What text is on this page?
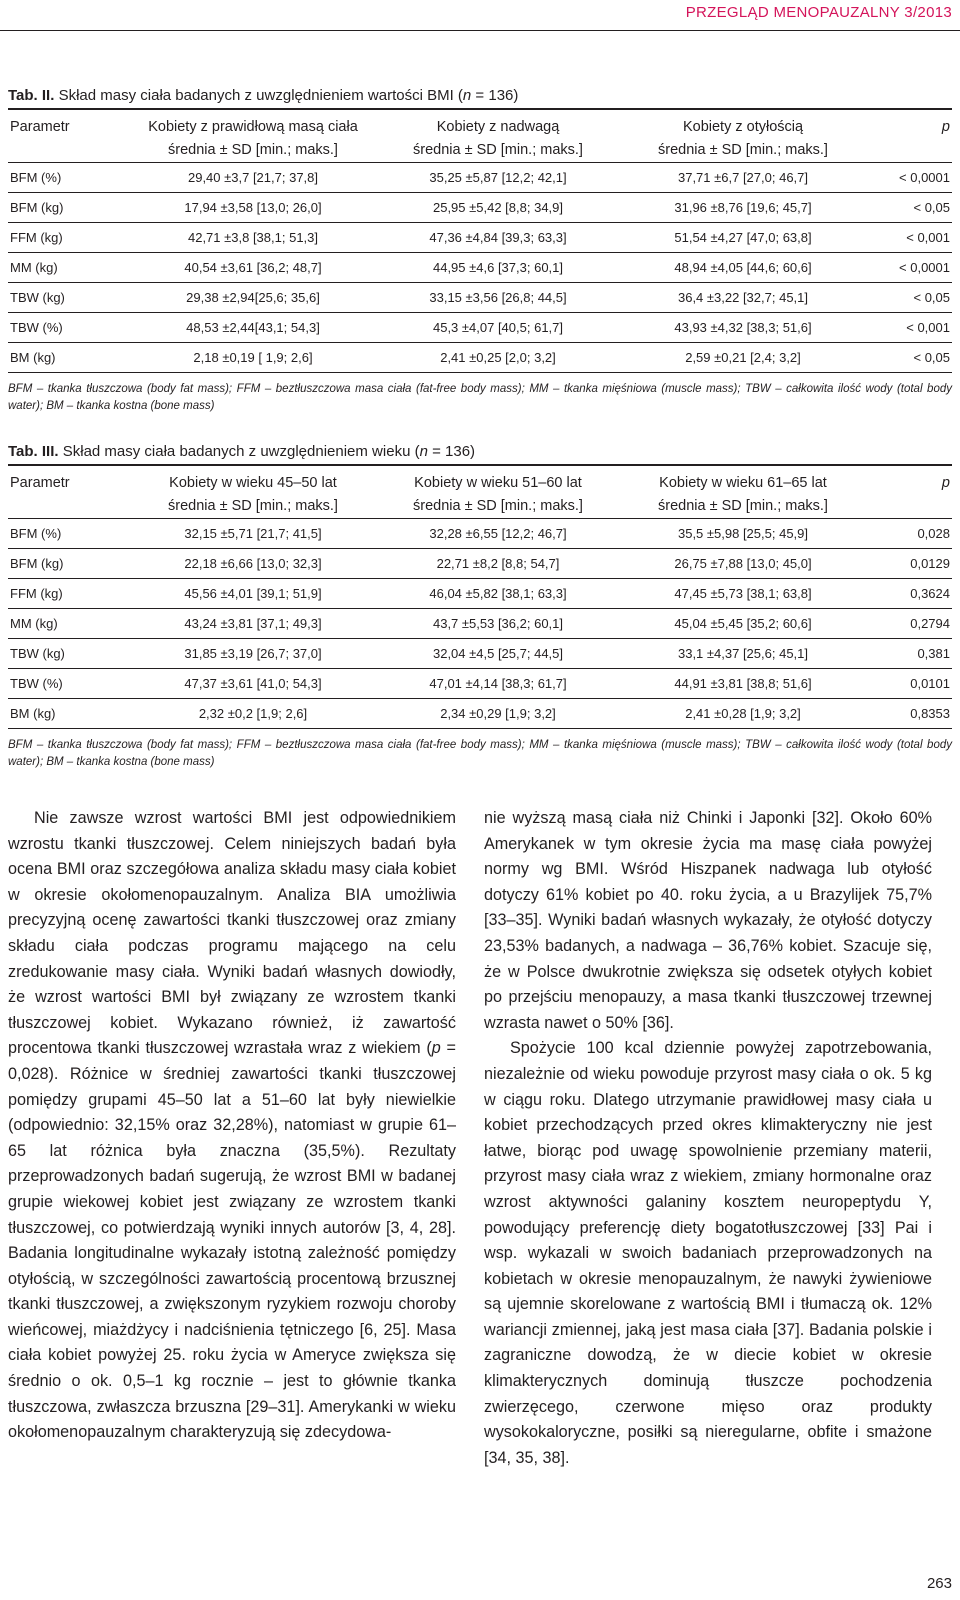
PRZEGLĄD MENOPAUZALNY 3/2013
Tab. II. Skład masy ciała badanych z uwzględnieniem wartości BMI (n = 136)
Parametr	Kobiety z prawidłową masą ciała	Kobiety z nadwagą	Kobiety z otyłością	p
	średnia ± SD [min.; maks.]	średnia ± SD [min.; maks.]	średnia ± SD [min.; maks.]	
BFM (%)	29,40 ±3,7 [21,7; 37,8]	35,25 ±5,87 [12,2; 42,1]	37,71 ±6,7 [27,0; 46,7]	< 0,0001
BFM (kg)	17,94 ±3,58 [13,0; 26,0]	25,95 ±5,42 [8,8; 34,9]	31,96 ±8,76 [19,6; 45,7]	< 0,05
FFM (kg)	42,71 ±3,8 [38,1; 51,3]	47,36 ±4,84 [39,3; 63,3]	51,54 ±4,27 [47,0; 63,8]	< 0,001
MM (kg)	40,54 ±3,61 [36,2; 48,7]	44,95 ±4,6 [37,3; 60,1]	48,94 ±4,05 [44,6; 60,6]	< 0,0001
TBW (kg)	29,38 ±2,94[25,6; 35,6]	33,15 ±3,56 [26,8; 44,5]	36,4 ±3,22 [32,7; 45,1]	< 0,05
TBW (%)	48,53 ±2,44[43,1; 54,3]	45,3 ±4,07 [40,5; 61,7]	43,93 ±4,32 [38,3; 51,6]	< 0,001
BM (kg)	2,18 ±0,19 [ 1,9; 2,6]	2,41 ±0,25 [2,0; 3,2]	2,59 ±0,21 [2,4; 3,2]	< 0,05
BFM – tkanka tłuszczowa (body fat mass); FFM – beztłuszczowa masa ciała (fat-free body mass); MM – tkanka mięśniowa (muscle mass); TBW – całkowita ilość wody (total body water); BM – tkanka kostna (bone mass)
Tab. III. Skład masy ciała badanych z uwzględnieniem wieku (n = 136)
Parametr	Kobiety w wieku 45–50 lat	Kobiety w wieku 51–60 lat	Kobiety w wieku 61–65 lat	p
	średnia ± SD [min.; maks.]	średnia ± SD [min.; maks.]	średnia ± SD [min.; maks.]	
BFM (%)	32,15 ±5,71 [21,7; 41,5]	32,28 ±6,55 [12,2; 46,7]	35,5 ±5,98 [25,5; 45,9]	0,028
BFM (kg)	22,18 ±6,66 [13,0; 32,3]	22,71 ±8,2 [8,8; 54,7]	26,75 ±7,88 [13,0; 45,0]	0,0129
FFM (kg)	45,56 ±4,01 [39,1; 51,9]	46,04 ±5,82 [38,1; 63,3]	47,45 ±5,73 [38,1; 63,8]	0,3624
MM (kg)	43,24 ±3,81 [37,1; 49,3]	43,7 ±5,53 [36,2; 60,1]	45,04 ±5,45 [35,2; 60,6]	0,2794
TBW (kg)	31,85 ±3,19 [26,7; 37,0]	32,04 ±4,5 [25,7; 44,5]	33,1 ±4,37 [25,6; 45,1]	0,381
TBW (%)	47,37 ±3,61 [41,0; 54,3]	47,01 ±4,14 [38,3; 61,7]	44,91 ±3,81 [38,8; 51,6]	0,0101
BM (kg)	2,32 ±0,2 [1,9; 2,6]	2,34 ±0,29 [1,9; 3,2]	2,41 ±0,28 [1,9; 3,2]	0,8353
BFM – tkanka tłuszczowa (body fat mass); FFM – beztłuszczowa masa ciała (fat-free body mass); MM – tkanka mięśniowa (muscle mass); TBW – całkowita ilość wody (total body water); BM – tkanka kostna (bone mass)

Nie zawsze wzrost wartości BMI jest odpowiednikiem wzrostu tkanki tłuszczowej. Celem niniejszych badań była ocena BMI oraz szczegółowa analiza składu masy ciała kobiet w okresie okołomenopauzalnym. Analiza BIA umożliwia precyzyjną ocenę zawartości tkanki tłuszczowej oraz zmiany składu ciała podczas programu mającego na celu zredukowanie masy ciała. Wyniki badań własnych dowiodły, że wzrost wartości BMI był związany ze wzrostem tkanki tłuszczowej kobiet. Wykazano również, iż zawartość procentowa tkanki tłuszczowej wzrastała wraz z wiekiem (p = 0,028). Różnice w średniej zawartości tkanki tłuszczowej pomiędzy grupami 45–50 lat a 51–60 lat były niewielkie (odpowiednio: 32,15% oraz 32,28%), natomiast w grupie 61–65 lat różnica była znaczna (35,5%). Rezultaty przeprowadzonych badań sugerują, że wzrost BMI w badanej grupie wiekowej kobiet jest związany ze wzrostem tkanki tłuszczowej, co potwierdzają wyniki innych autorów [3, 4, 28]. Badania longitudinalne wykazały istotną zależność pomiędzy otyłością, w szczególności zawartością procentową brzusznej tkanki tłuszczowej, a zwiększonym ryzykiem rozwoju choroby wieńcowej, miażdżycy i nadciśnienia tętniczego [6, 25]. Masa ciała kobiet powyżej 25. roku życia w Ameryce zwiększa się średnio o ok. 0,5–1 kg rocznie – jest to głównie tkanka tłuszczowa, zwłaszcza brzuszna [29–31]. Amerykanki w wieku okołomenopauzalnym charakteryzują się zdecydowa-

nie wyższą masą ciała niż Chinki i Japonki [32]. Około 60% Amerykanek w tym okresie życia ma masę ciała powyżej normy wg BMI. Wśród Hiszpanek nadwaga lub otyłość dotyczy 61% kobiet po 40. roku życia, a u Brazylijek 75,7% [33–35]. Wyniki badań własnych wykazały, że otyłość dotyczy 23,53% badanych, a nadwaga – 36,76% kobiet. Szacuje się, że w Polsce dwukrotnie zwiększa się odsetek otyłych kobiet po przejściu menopauzy, a masa tkanki tłuszczowej trzewnej wzrasta nawet o 50% [36].

Spożycie 100 kcal dziennie powyżej zapotrzebowania, niezależnie od wieku powoduje przyrost masy ciała o ok. 5 kg w ciągu roku. Dlatego utrzymanie prawidłowej masy ciała u kobiet przechodzących przed okres klimakteryczny nie jest łatwe, biorąc pod uwagę spowolnienie przemiany materii, przyrost masy ciała wraz z wiekiem, zmiany hormonalne oraz wzrost aktywności galaniny kosztem neuropeptydu Y, powodujący preferencję diety bogatotłuszczowej [33] Pai i wsp. wykazali w swoich badaniach przeprowadzonych na kobietach w okresie menopauzalnym, że nawyki żywieniowe są ujemnie skorelowane z wartością BMI i tłumaczą ok. 12% wariancji zmiennej, jaką jest masa ciała [37]. Badania polskie i zagraniczne dowodzą, że w diecie kobiet w okresie klimakterycznych dominują tłuszcze pochodzenia zwierzęcego, czerwone mięso oraz produkty wysokokaloryczne, posiłki są nieregularne, obfite i smażone [34, 35, 38].

263
